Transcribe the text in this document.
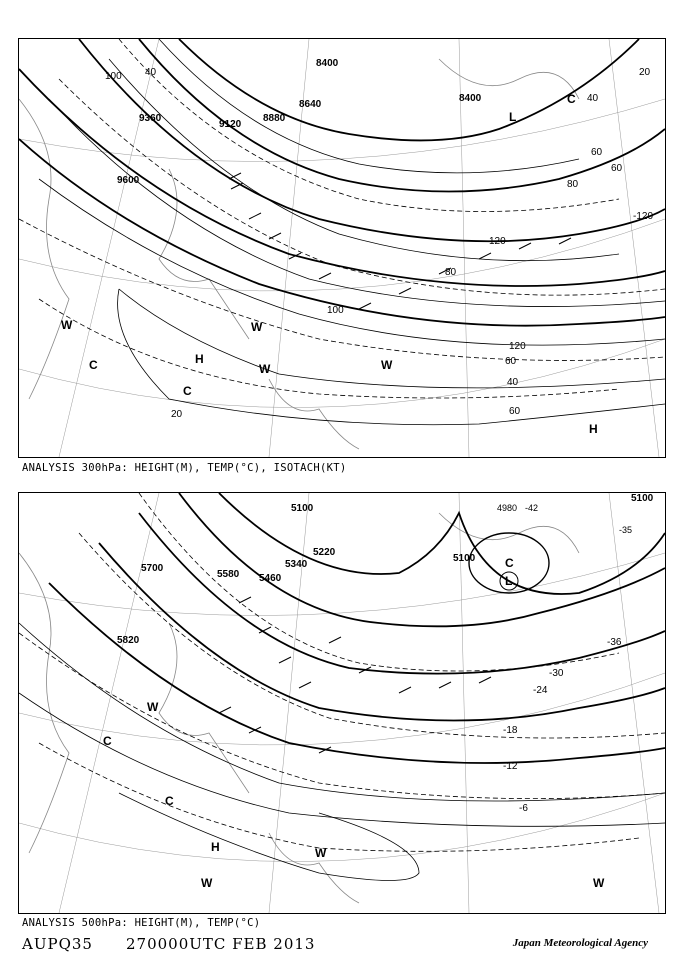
8400
8400
8640
8880
9120
9360
9600
20
40
60
60
80
100
120
-120
40
60
80
100
120
20
40
60
H
L
C
C
H
W
W	W
C
W
ANALYSIS 300hPa: HEIGHT(M), TEMP(°C), ISOTACH(KT)
5100
5100
5100
5220
5340
5460
5580
5700
5820
4980 -42
-35
-36
-30
-24
-18
-12
-6
L
C
H
W
C
W
W	W
C
ANALYSIS 500hPa: HEIGHT(M), TEMP(°C)
AUPQ35 270000UTC FEB 2013	Japan Meteorological Agency
